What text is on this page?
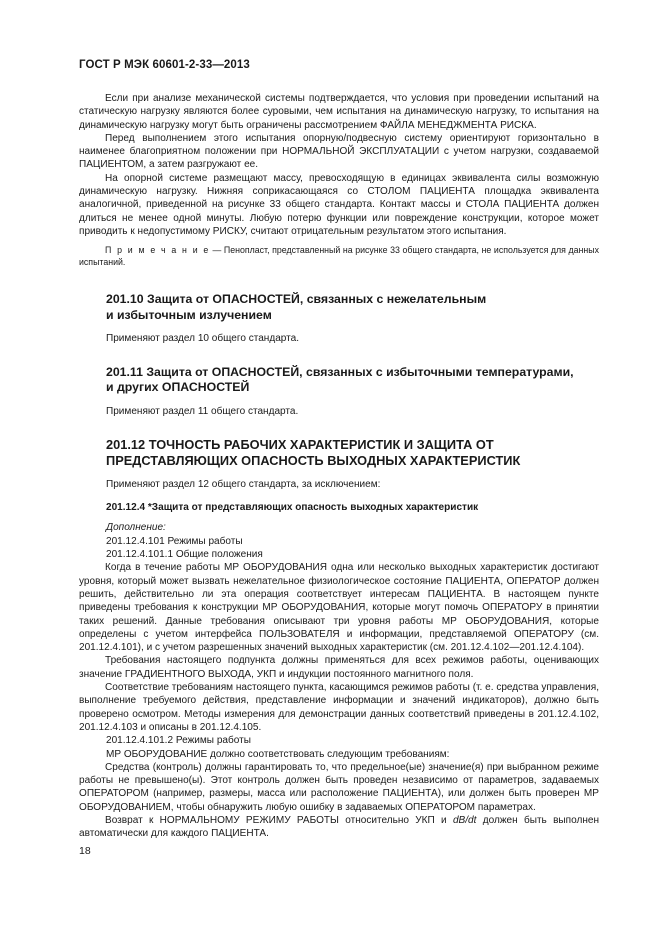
ГОСТ Р МЭК 60601-2-33—2013

Если при анализе механической системы подтверждается, что условия при проведении испытаний на статическую нагрузку являются более суровыми, чем испытания на динамическую нагрузку, то испытания на динамическую нагрузку могут быть ограничены рассмотрением ФАЙЛА МЕНЕДЖМЕНТА РИСКА.

Перед выполнением этого испытания опорную/подвесную систему ориентируют горизонтально в наименее благоприятном положении при НОРМАЛЬНОЙ ЭКСПЛУАТАЦИИ с учетом нагрузки, создаваемой ПАЦИЕНТОМ, а затем разгружают ее.

На опорной системе размещают массу, превосходящую в единицах эквивалента силы возможную динамическую нагрузку. Нижняя соприкасающаяся со СТОЛОМ ПАЦИЕНТА площадка эквивалента аналогичной, приведенной на рисунке 33 общего стандарта. Контакт массы и СТОЛА ПАЦИЕНТА должен длиться не менее одной минуты. Любую потерю функции или повреждение конструкции, которое может приводить к недопустимому РИСКУ, считают отрицательным результатом этого испытания.

П р и м е ч а н и е — Пенопласт, представленный на рисунке 33 общего стандарта, не используется для данных испытаний.

201.10 Защита от ОПАСНОСТЕЙ, связанных с нежелательным
и избыточным излучением

Применяют раздел 10 общего стандарта.

201.11 Защита от ОПАСНОСТЕЙ, связанных с избыточными температурами,
и других ОПАСНОСТЕЙ

Применяют раздел 11 общего стандарта.

201.12 ТОЧНОСТЬ РАБОЧИХ ХАРАКТЕРИСТИК И ЗАЩИТА ОТ
ПРЕДСТАВЛЯЮЩИХ ОПАСНОСТЬ ВЫХОДНЫХ ХАРАКТЕРИСТИК

Применяют раздел 12 общего стандарта, за исключением:

201.12.4 *Защита от представляющих опасность выходных характеристик

Дополнение:

201.12.4.101 Режимы работы

201.12.4.101.1 Общие положения

Когда в течение работы МР ОБОРУДОВАНИЯ одна или несколько выходных характеристик достигают уровня, который может вызвать нежелательное физиологическое состояние ПАЦИЕНТА, ОПЕРАТОР должен решить, действительно ли эта операция соответствует интересам ПАЦИЕНТА. В настоящем пункте приведены требования к конструкции МР ОБОРУДОВАНИЯ, которые могут помочь ОПЕРАТОРУ в принятии таких решений. Данные требования описывают три уровня работы МР ОБОРУДОВАНИЯ, которые определены с учетом интерфейса ПОЛЬЗОВАТЕЛЯ и информации, представляемой ОПЕРАТОРУ (см. 201.12.4.101), и с учетом разрешенных значений выходных характеристик (см. 201.12.4.102—201.12.4.104).

Требования настоящего подпункта должны применяться для всех режимов работы, оценивающих значение ГРАДИЕНТНОГО ВЫХОДА, УКП и индукции постоянного магнитного поля.

Соответствие требованиям настоящего пункта, касающимся режимов работы (т. е. средства управления, выполнение требуемого действия, представление информации и значений индикаторов), должно быть проверено осмотром. Методы измерения для демонстрации данных соответствий приведены в 201.12.4.102, 201.12.4.103 и описаны в 201.12.4.105.

201.12.4.101.2 Режимы работы

МР ОБОРУДОВАНИЕ должно соответствовать следующим требованиям:

Средства (контроль) должны гарантировать то, что предельное(ые) значение(я) при выбранном режиме работы не превышено(ы). Этот контроль должен быть проведен независимо от параметров, задаваемых ОПЕРАТОРОМ (например, размеры, масса или расположение ПАЦИЕНТА), или должен быть проверен МР ОБОРУДОВАНИЕМ, чтобы обнаружить любую ошибку в задаваемых ОПЕРАТОРОМ параметрах.

Возврат к НОРМАЛЬНОМУ РЕЖИМУ РАБОТЫ относительно УКП и dB/dt должен быть выполнен автоматически для каждого ПАЦИЕНТА.

18
